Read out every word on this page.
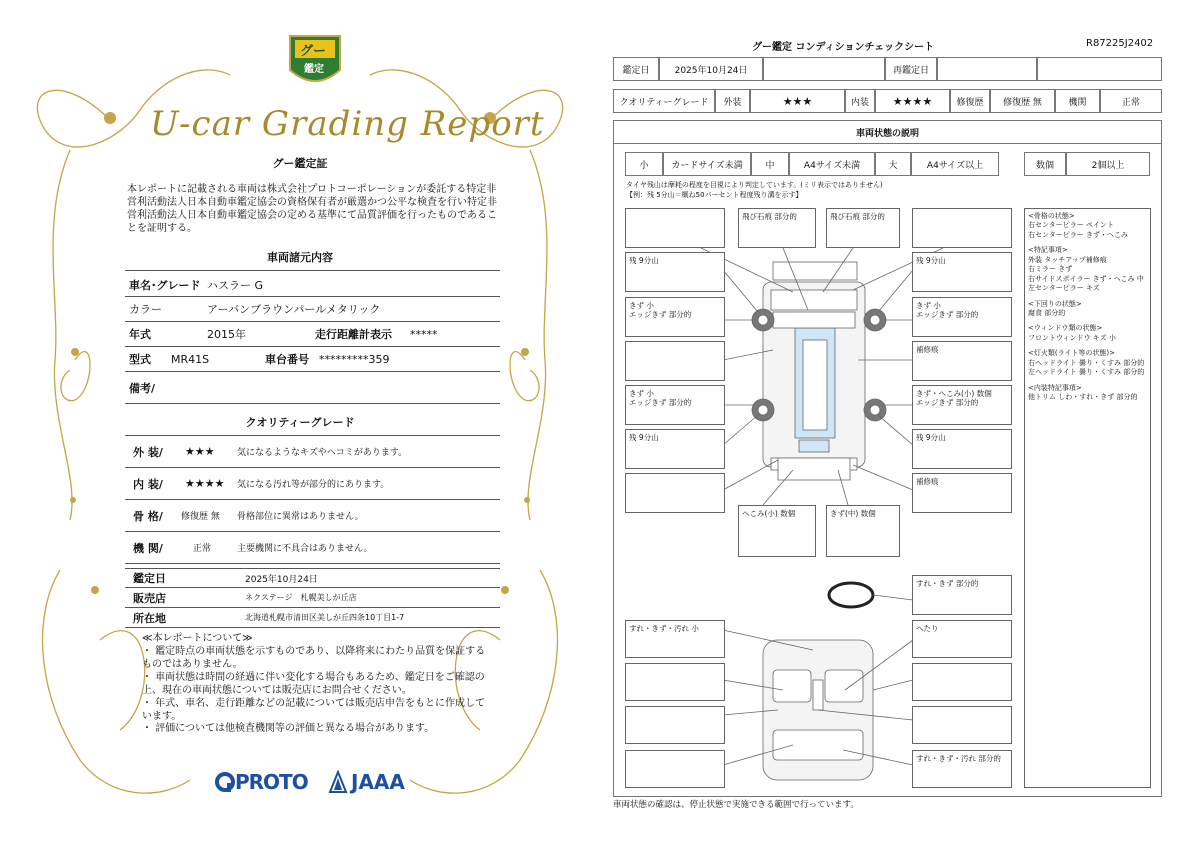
グー
鑑定
U-car Grading Report
グー鑑定証
本レポートに記載される車両は株式会社プロトコーポレーションが委託する特定非営利活動法人日本自動車鑑定協会の資格保有者が厳選かつ公平な検査を行い特定非営利活動法人日本自動車鑑定協会の定める基準にて品質評価を行ったものであることを証明する。
車両諸元内容
車名･グレード ハスラー G
カラー	アーバンブラウンパールメタリック
年式	2015年	走行距離計表示	*****
型式	MR41S	車台番号 *********359
備考/
クオリティーグレード
外 装/	★★★	気になるようなキズやヘコミがあります。
内 装/	★★★★	気になる汚れ等が部分的にあります。
骨 格/	修復歴 無	骨格部位に異常はありません。
機 関/	正常	主要機関に不具合はありません。
鑑定日	2025年10月24日
販売店	ネクステージ　札幌美しが丘店
所在地	北海道札幌市清田区美しが丘四条10丁目1-7
≪本レポートについて≫
・ 鑑定時点の車両状態を示すものであり、以降将来にわたり品質を保証するものではありません。
・ 車両状態は時間の経過に伴い変化する場合もあるため、鑑定日をご確認の上、現在の車両状態については販売店にお問合せください。
・ 年式、車名、走行距離などの記載については販売店申告をもとに作成しています。
・ 評価については他検査機関等の評価と異なる場合があります。
PROTO JAAA
グー鑑定 コンディションチェックシート	R87225J2402
鑑定日	2025年10月24日	再鑑定日
クオリティーグレード	外装	★★★	内装	★★★★	修復歴	修復歴 無	機関	正常
車両状態の説明
小	カードサイズ未満	中	A4サイズ未満	大	A4サイズ以上	数個	2個以上
タイヤ残山は摩耗の程度を目視により判定しています。(ミリ表示ではありません)
【例：残 5分山＝概ね50パーセント程度残り溝を示す】
飛び石痕 部分的	飛び石痕 部分的
残 9分山	残 9分山
きず 小
エッジきず 部分的
きず 小
エッジきず 部分的
補修痕
きず 小
エッジきず 部分的
きず・へこみ(小) 数個
エッジきず 部分的
残 9分山	残 9分山
補修痕
へこみ(小) 数個	きず(中) 数個
すれ・きず 部分的
すれ・きず・汚れ 小	へたり
すれ・きず・汚れ 部分的
<骨格の状態>
右センターピラー ペイント
右センターピラー きず・へこみ
<特記事項>
外装 タッチアップ補修痕
右ミラー きず
右サイドスポイラー きず・へこみ 中
左センターピラー キズ
<下回りの状態>
腐食 部分的
<ウィンドウ類の状態>
フロントウィンドウ キズ 小
<灯火類(ライト等の状態)>
右ヘッドライト 曇り・くすみ 部分的
左ヘッドライト 曇り・くすみ 部分的
<内装特記事項>
他トリム しわ・すれ・きず 部分的
車両状態の確認は、停止状態で実施できる範囲で行っています。
